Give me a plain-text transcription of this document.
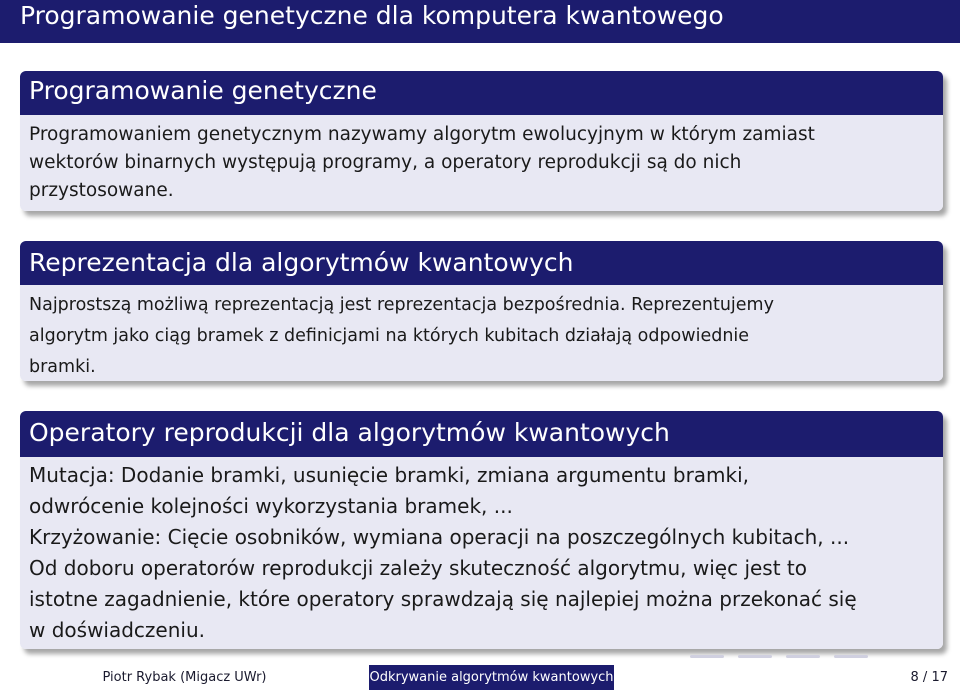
Programowanie genetyczne dla komputera kwantowego
Programowanie genetyczne
Programowaniem genetycznym nazywamy algorytm ewolucyjnym w którym zamiast
wektorów binarnych występują programy, a operatory reprodukcji są do nich
przystosowane.
Reprezentacja dla algorytmów kwantowych
Najprostszą możliwą reprezentacją jest reprezentacja bezpośrednia. Reprezentujemy
algorytm jako ciąg bramek z definicjami na których kubitach działają odpowiednie
bramki.
Operatory reprodukcji dla algorytmów kwantowych
Mutacja: Dodanie bramki, usunięcie bramki, zmiana argumentu bramki,
odwrócenie kolejności wykorzystania bramek, ...
Krzyżowanie: Cięcie osobników, wymiana operacji na poszczególnych kubitach, ...
Od doboru operatorów reprodukcji zależy skuteczność algorytmu, więc jest to
istotne zagadnienie, które operatory sprawdzają się najlepiej można przekonać się
w doświadczeniu.
Piotr Rybak (Migacz UWr)	Odkrywanie algorytmów kwantowych	8 / 17
